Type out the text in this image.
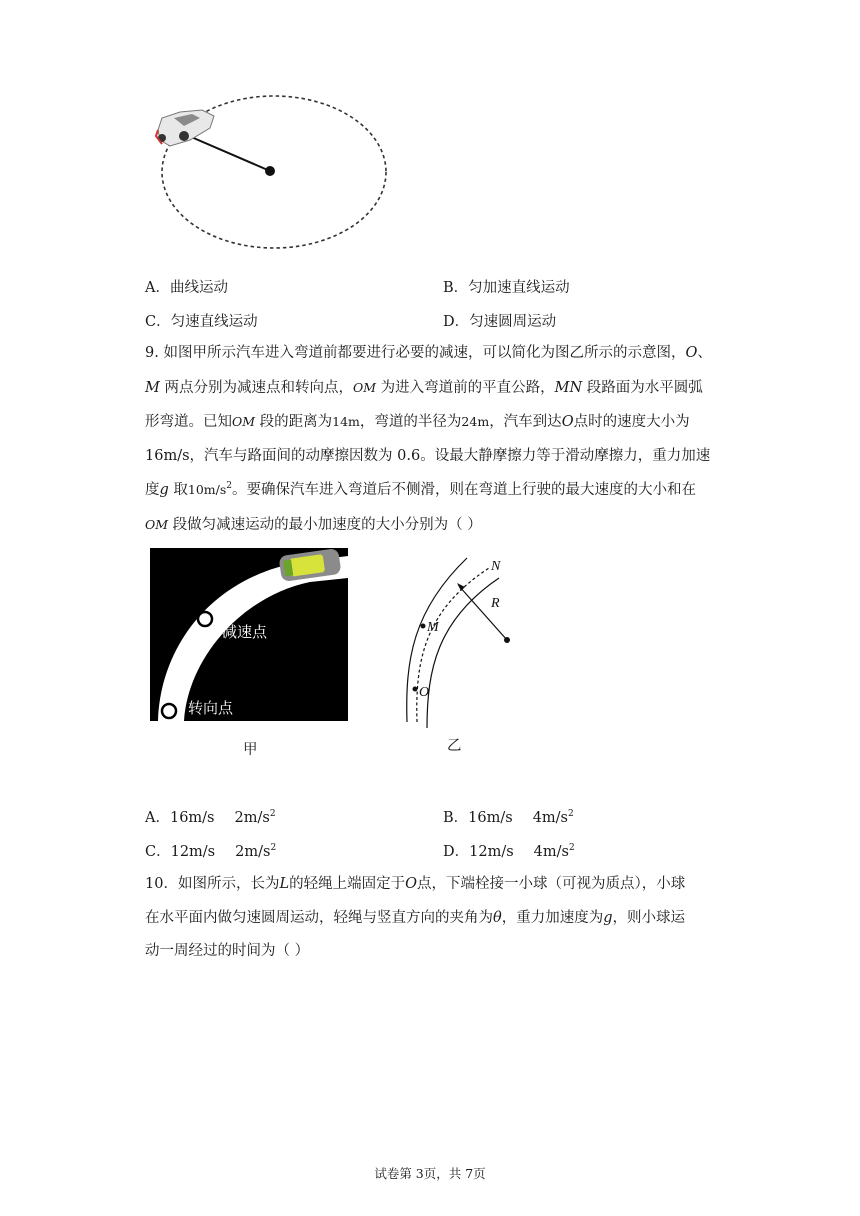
A．曲线运动	B．匀加速直线运动
C．匀速直线运动	D．匀速圆周运动
9. 如图甲所示汽车进入弯道前都要进行必要的减速，可以简化为图乙所示的示意图，O、
M 两点分别为减速点和转向点，OM 为进入弯道前的平直公路，MN 段路面为水平圆弧
形弯道。已知OM 段的距离为14m，弯道的半径为24m，汽车到达O点时的速度大小为
16m/s，汽车与路面间的动摩擦因数为 0.6。设最大静摩擦力等于滑动摩擦力，重力加速
度g 取$10m/s^2$。要确保汽车进入弯道后不侧滑，则在弯道上行驶的最大速度的大小和在
OM 段做匀减速运动的最小加速度的大小分别为（ ）
减速点
转向点
甲
N
R
M
O
乙
A．16m/s $2m/s^2$	B．16m/s $4m/s^2$
C．12m/s $2m/s^2$	D．12m/s $4m/s^2$
10．如图所示，长为L的轻绳上端固定于O点，下端栓接一小球（可视为质点），小球
在水平面内做匀速圆周运动，轻绳与竖直方向的夹角为θ，重力加速度为g，则小球运
动一周经过的时间为（ ）
试卷第 3页，共 7页
